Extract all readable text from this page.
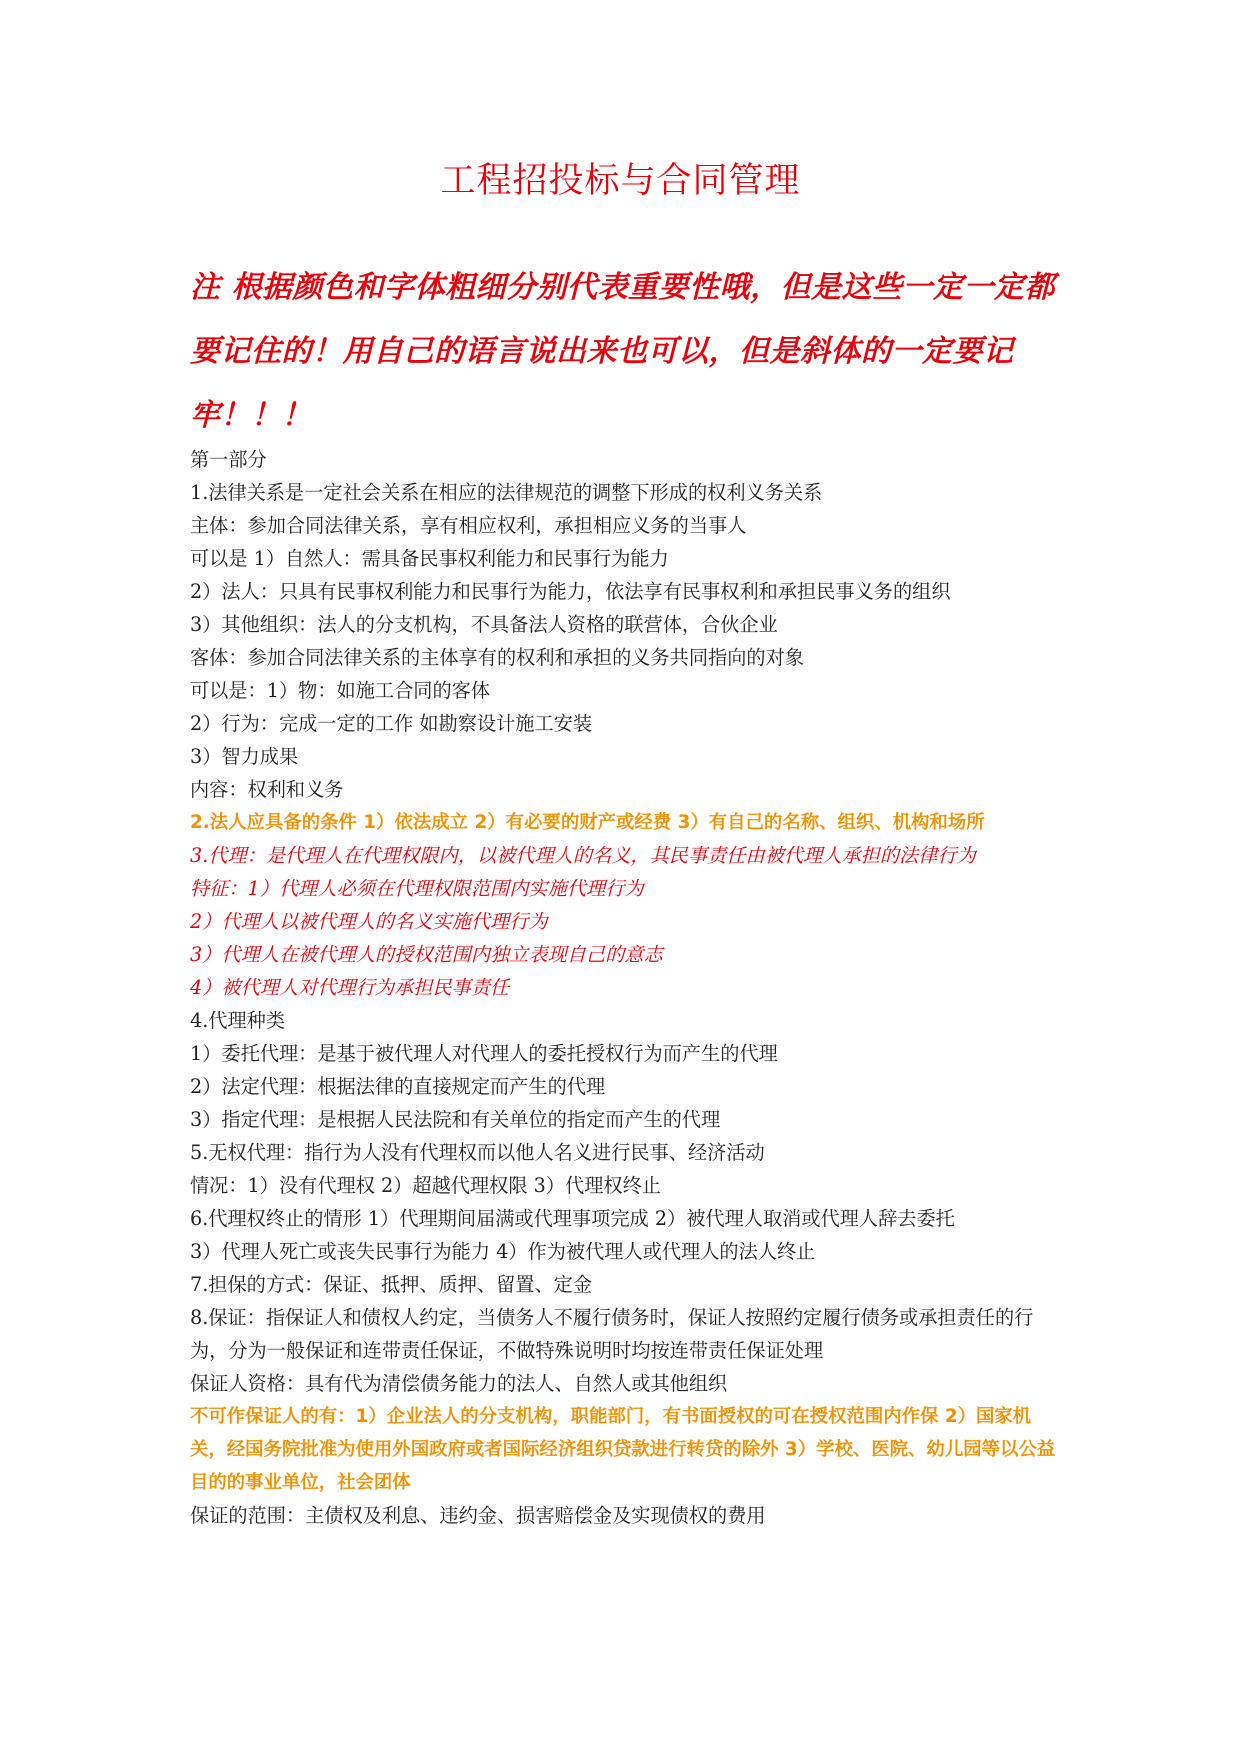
工程招投标与合同管理
注 根据颜色和字体粗细分别代表重要性哦，但是这些一定一定都要记住的！用自己的语言说出来也可以，但是斜体的一定要记牢！！！
第一部分
1.法律关系是一定社会关系在相应的法律规范的调整下形成的权利义务关系
主体：参加合同法律关系，享有相应权利，承担相应义务的当事人
可以是 1）自然人：需具备民事权利能力和民事行为能力
2）法人：只具有民事权利能力和民事行为能力，依法享有民事权利和承担民事义务的组织
3）其他组织：法人的分支机构，不具备法人资格的联营体，合伙企业
客体：参加合同法律关系的主体享有的权利和承担的义务共同指向的对象
可以是：1）物：如施工合同的客体
2）行为：完成一定的工作 如勘察设计施工安装
3）智力成果
内容：权利和义务
2.法人应具备的条件 1）依法成立 2）有必要的财产或经费 3）有自己的名称、组织、机构和场所
3.代理：是代理人在代理权限内，以被代理人的名义，其民事责任由被代理人承担的法律行为
特征：1）代理人必须在代理权限范围内实施代理行为
2）代理人以被代理人的名义实施代理行为
3）代理人在被代理人的授权范围内独立表现自己的意志
4）被代理人对代理行为承担民事责任
4.代理种类
1）委托代理：是基于被代理人对代理人的委托授权行为而产生的代理
2）法定代理：根据法律的直接规定而产生的代理
3）指定代理：是根据人民法院和有关单位的指定而产生的代理
5.无权代理：指行为人没有代理权而以他人名义进行民事、经济活动
情况：1）没有代理权 2）超越代理权限 3）代理权终止
6.代理权终止的情形 1）代理期间届满或代理事项完成 2）被代理人取消或代理人辞去委托
3）代理人死亡或丧失民事行为能力 4）作为被代理人或代理人的法人终止
7.担保的方式：保证、抵押、质押、留置、定金
8.保证：指保证人和债权人约定，当债务人不履行债务时，保证人按照约定履行债务或承担责任的行为，分为一般保证和连带责任保证，不做特殊说明时均按连带责任保证处理
保证人资格：具有代为清偿债务能力的法人、自然人或其他组织
不可作保证人的有：1）企业法人的分支机构，职能部门，有书面授权的可在授权范围内作保 2）国家机关，经国务院批准为使用外国政府或者国际经济组织贷款进行转贷的除外 3）学校、医院、幼儿园等以公益目的的事业单位，社会团体
保证的范围：主债权及利息、违约金、损害赔偿金及实现债权的费用
